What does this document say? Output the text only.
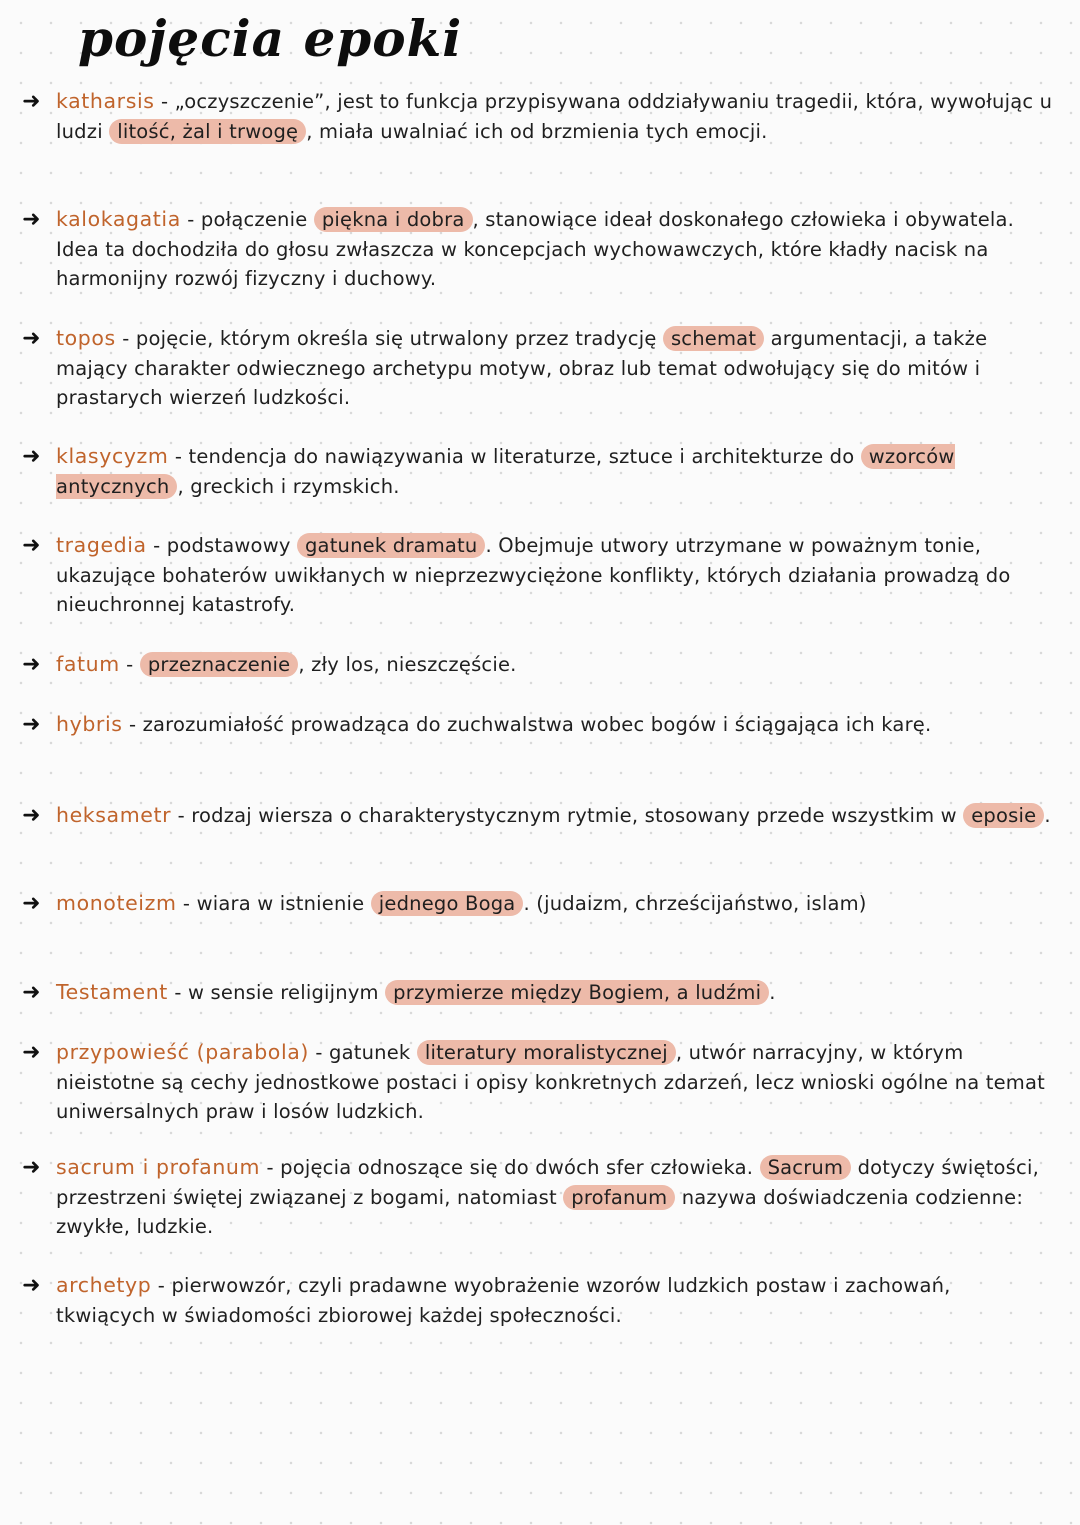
pojęcia epoki
➜ katharsis - „oczyszczenie”, jest to funkcja przypisywana oddziaływaniu tragedii, która, wywołując u ludzi litość, żal i trwogę , miała uwalniać ich od brzmienia tych emocji.
➜ kalokagatia - połączenie piękna i dobra , stanowiące ideał doskonałego człowieka i obywatela. Idea ta dochodziła do głosu zwłaszcza w koncepcjach wychowawczych, które kładły nacisk na harmonijny rozwój fizyczny i duchowy.
➜ topos - pojęcie, którym określa się utrwalony przez tradycję schemat argumentacji, a także mający charakter odwiecznego archetypu motyw, obraz lub temat odwołujący się do mitów i prastarych wierzeń ludzkości.
➜ klasycyzm - tendencja do nawiązywania w literaturze, sztuce i architekturze do wzorców antycznych , greckich i rzymskich.
➜ tragedia - podstawowy gatunek dramatu . Obejmuje utwory utrzymane w poważnym tonie, ukazujące bohaterów uwikłanych w nieprzezwyciężone konflikty, których działania prowadzą do nieuchronnej katastrofy.
➜ fatum - przeznaczenie , zły los, nieszczęście.
➜ hybris - zarozumiałość prowadząca do zuchwalstwa wobec bogów i ściągająca ich karę.
➜ heksametr - rodzaj wiersza o charakterystycznym rytmie, stosowany przede wszystkim w eposie .
➜ monoteizm - wiara w istnienie jednego Boga . (judaizm, chrześcijaństwo, islam)
➜ Testament - w sensie religijnym przymierze między Bogiem, a ludźmi .
➜ przypowieść (parabola) - gatunek literatury moralistycznej , utwór narracyjny, w którym nieistotne są cechy jednostkowe postaci i opisy konkretnych zdarzeń, lecz wnioski ogólne na temat uniwersalnych praw i losów ludzkich.
➜ sacrum i profanum - pojęcia odnoszące się do dwóch sfer człowieka. Sacrum dotyczy świętości, przestrzeni świętej związanej z bogami, natomiast profanum nazywa doświadczenia codzienne: zwykłe, ludzkie.
➜ archetyp - pierwowzór, czyli pradawne wyobrażenie wzorów ludzkich postaw i zachowań, tkwiących w świadomości zbiorowej każdej społeczności.
